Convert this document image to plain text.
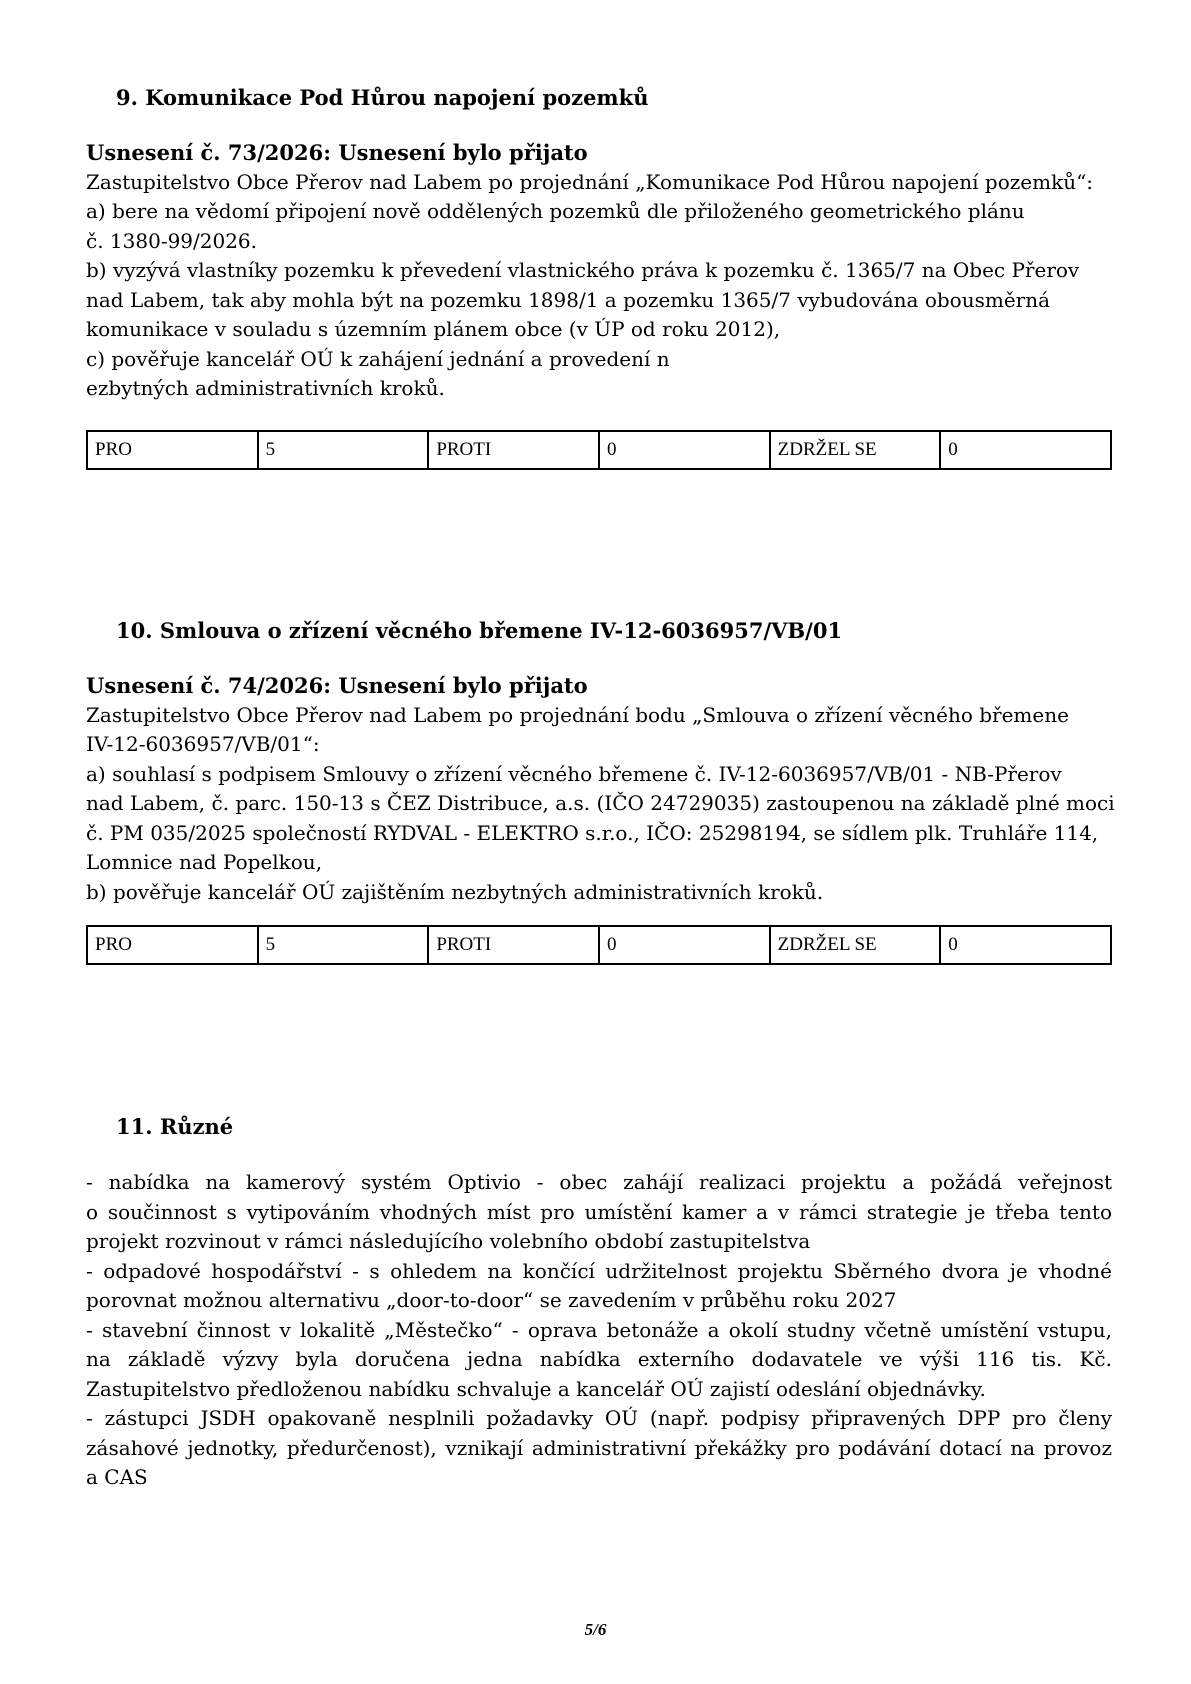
9. Komunikace Pod Hůrou napojení pozemků
Usnesení č. 73/2026: Usnesení bylo přijato
Zastupitelstvo Obce Přerov nad Labem po projednání „Komunikace Pod Hůrou napojení pozemků“:
a) bere na vědomí připojení nově oddělených pozemků dle přiloženého geometrického plánu
č. 1380-99/2026.
b) vyzývá vlastníky pozemku k převedení vlastnického práva k pozemku č. 1365/7 na Obec Přerov
nad Labem, tak aby mohla být na pozemku 1898/1 a pozemku 1365/7 vybudována obousměrná
komunikace v souladu s územním plánem obce (v ÚP od roku 2012),
c) pověřuje kancelář OÚ k zahájení jednání a provedení n
ezbytných administrativních kroků.
PRO	5	PROTI	0	ZDRŽEL SE	0
10. Smlouva o zřízení věcného břemene IV-12-6036957/VB/01
Usnesení č. 74/2026: Usnesení bylo přijato
Zastupitelstvo Obce Přerov nad Labem po projednání bodu „Smlouva o zřízení věcného břemene
IV-12-6036957/VB/01“:
a) souhlasí s podpisem Smlouvy o zřízení věcného břemene č. IV-12-6036957/VB/01 - NB-Přerov
nad Labem, č. parc. 150-13 s ČEZ Distribuce, a.s. (IČO 24729035) zastoupenou na základě plné moci
č. PM 035/2025 společností RYDVAL - ELEKTRO s.r.o., IČO: 25298194, se sídlem plk. Truhláře 114,
Lomnice nad Popelkou,
b) pověřuje kancelář OÚ zajištěním nezbytných administrativních kroků.
PRO	5	PROTI	0	ZDRŽEL SE	0
11. Různé
- nabídka na kamerový systém Optivio - obec zahájí realizaci projektu a požádá veřejnost
o součinnost s vytipováním vhodných míst pro umístění kamer a v rámci strategie je třeba tento
projekt rozvinout v rámci následujícího volebního období zastupitelstva
- odpadové hospodářství - s ohledem na končící udržitelnost projektu Sběrného dvora je vhodné
porovnat možnou alternativu „door-to-door“ se zavedením v průběhu roku 2027
- stavební činnost v lokalitě „Městečko“ - oprava betonáže a okolí studny včetně umístění vstupu,
na základě výzvy byla doručena jedna nabídka externího dodavatele ve výši 116 tis. Kč.
Zastupitelstvo předloženou nabídku schvaluje a kancelář OÚ zajistí odeslání objednávky.
- zástupci JSDH opakovaně nesplnili požadavky OÚ (např. podpisy připravených DPP pro členy
zásahové jednotky, předurčenost), vznikají administrativní překážky pro podávání dotací na provoz
a CAS
5/6
